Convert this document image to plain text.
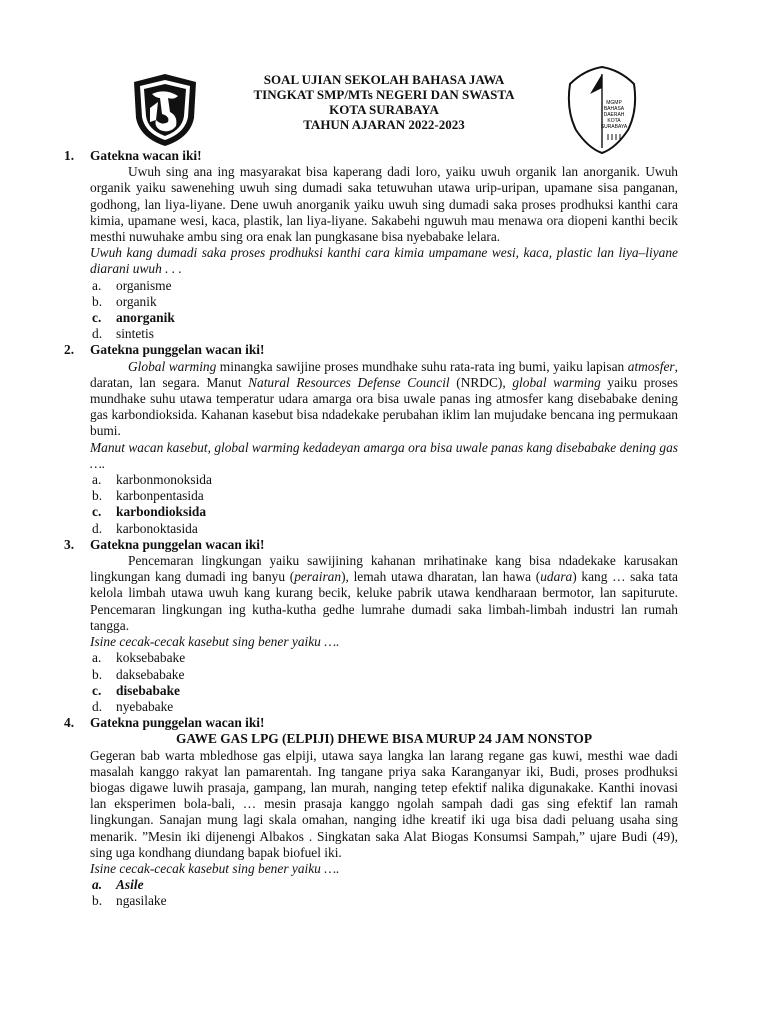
SOAL UJIAN SEKOLAH BAHASA JAWA
TINGKAT SMP/MTs NEGERI DAN SWASTA
KOTA SURABAYA
TAHUN AJARAN 2022-2023
MGMP
BAHASA
DAERAH
KOTA
SURABAYA
1. Gatekna wacan iki!

Uwuh sing ana ing masyarakat bisa kaperang dadi loro, yaiku uwuh organik lan anorganik. Uwuh organik yaiku sawenehing uwuh sing dumadi saka tetuwuhan utawa urip-uripan, upamane sisa panganan, godhong, lan liya-liyane. Dene uwuh anorganik yaiku uwuh sing dumadi saka proses prodhuksi kanthi cara kimia, upamane wesi, kaca, plastik, lan liya-liyane. Sakabehi nguwuh mau menawa ora diopeni kanthi becik mesthi nuwuhake ambu sing ora enak lan pungkasane bisa nyebabake lelara.

Uwuh kang dumadi saka proses prodhuksi kanthi cara kimia umpamane wesi, kaca, plastic lan liya–liyane diarani uwuh . . .

a. organisme
b. organik
c. anorganik
d. sintetis
2. Gatekna punggelan wacan iki!

Global warming minangka sawijine proses mundhake suhu rata-rata ing bumi, yaiku lapisan atmosfer, daratan, lan segara. Manut Natural Resources Defense Council (NRDC), global warming yaiku proses mundhake suhu utawa temperatur udara amarga ora bisa uwale panas ing atmosfer kang disebabake dening gas karbondioksida. Kahanan kasebut bisa ndadekake perubahan iklim lan mujudake bencana ing permukaan bumi.

Manut wacan kasebut, global warming kedadeyan amarga ora bisa uwale panas kang disebabake dening gas ….

a. karbonmonoksida
b. karbonpentasida
c. karbondioksida
d. karbonoktasida
3. Gatekna punggelan wacan iki!

Pencemaran lingkungan yaiku sawijining kahanan mrihatinake kang bisa ndadekake karusakan lingkungan kang dumadi ing banyu (perairan), lemah utawa dharatan, lan hawa (udara) kang … saka tata kelola limbah utawa uwuh kang kurang becik, keluke pabrik utawa kendharaan bermotor, lan sapiturute. Pencemaran lingkungan ing kutha-kutha gedhe lumrahe dumadi saka limbah-limbah industri lan rumah tangga.

Isine cecak-cecak kasebut sing bener yaiku ….

a. koksebabake
b. daksebabake
c. disebabake
d. nyebabake
4. Gatekna punggelan wacan iki!
GAWE GAS LPG (ELPIJI) DHEWE BISA MURUP 24 JAM NONSTOP

Gegeran bab warta mbledhose gas elpiji, utawa saya langka lan larang regane gas kuwi, mesthi wae dadi masalah kanggo rakyat lan pamarentah. Ing tangane priya saka Karanganyar iki, Budi, proses prodhuksi biogas digawe luwih prasaja, gampang, lan murah, nanging tetep efektif nalika digunakake. Kanthi inovasi lan eksperimen bola-bali, … mesin prasaja kanggo ngolah sampah dadi gas sing efektif lan ramah lingkungan. Sanajan mung lagi skala omahan, nanging idhe kreatif iki uga bisa dadi peluang usaha sing menarik. ”Mesin iki dijenengi Albakos . Singkatan saka Alat Biogas Konsumsi Sampah,” ujare Budi (49), sing uga kondhang diundang bapak biofuel iki.

Isine cecak-cecak kasebut sing bener yaiku ….

a. Asile
b. ngasilake
